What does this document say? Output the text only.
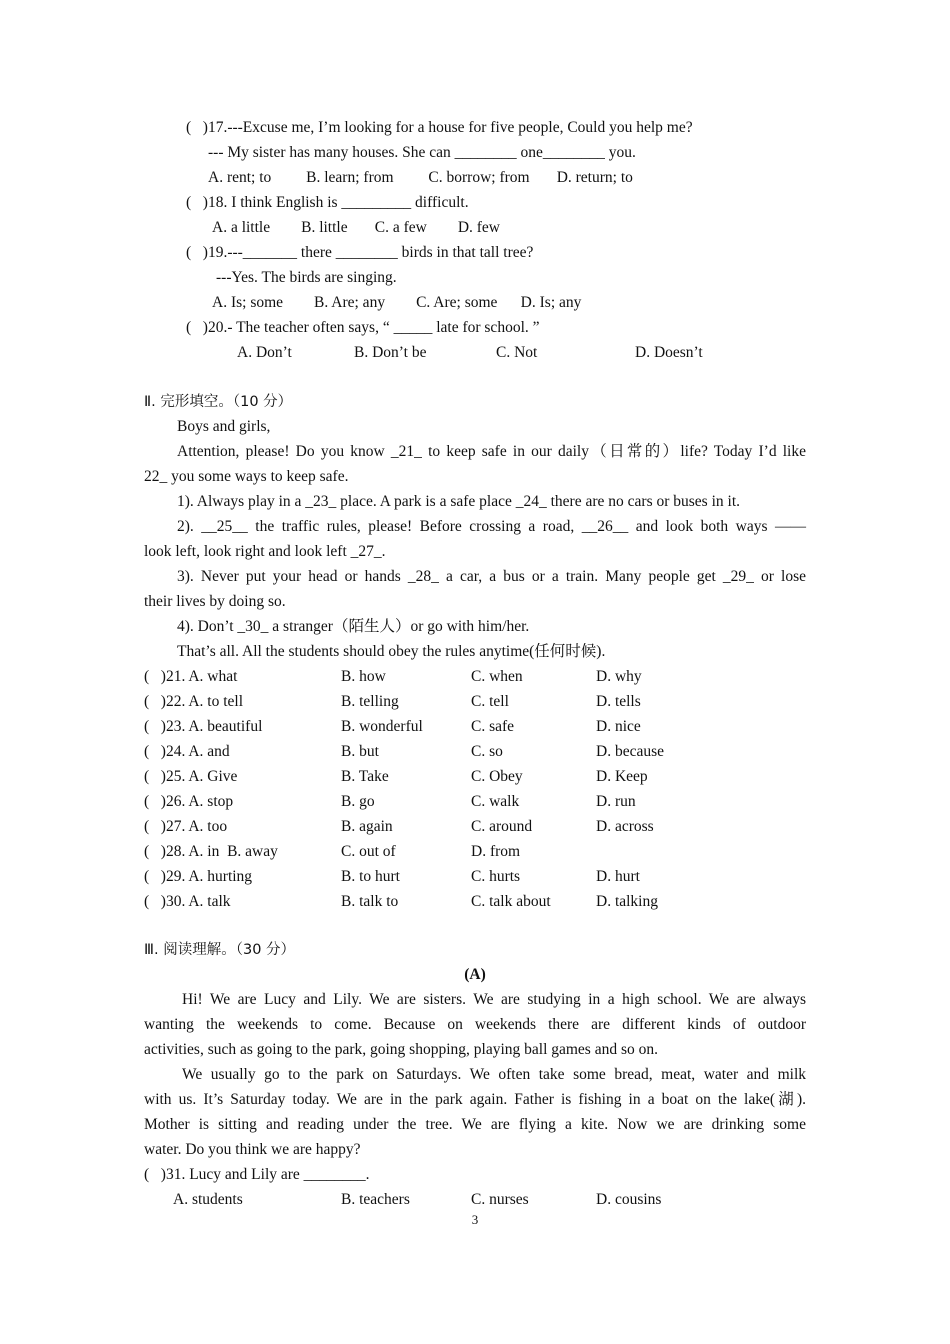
(   )17.---Excuse me, I’m looking for a house for five people, Could you help me?
--- My sister has many houses. She can ________ one________ you.
A. rent; to         B. learn; from         C. borrow; from       D. return; to
(   )18. I think English is _________ difficult.
A. a little        B. little       C. a few        D. few
(   )19.---_______ there ________ birds in that tall tree?
---Yes. The birds are singing.
A. Is; some        B. Are; any        C. Are; some      D. Is; any
(   )20.- The teacher often says, “ _____ late for school. ”
A. Don’t	B. Don’t be	C. Not	D. Doesn’t
Ⅱ. 完形填空。（10 分）
Boys and girls,
Attention, please! Do you know _21_ to keep safe in our daily（日常的）life? Today I’d like
22_ you some ways to keep safe.
1). Always play in a _23_ place. A park is a safe place _24_ there are no cars or buses in it.
2). __25__ the traffic rules, please! Before crossing a road, __26__ and look both ways ——
look left, look right and look left _27_.
3). Never put your head or hands _28_ a car, a bus or a train. Many people get _29_ or lose
their lives by doing so.
4). Don’t _30_ a stranger（陌生人）or go with him/her.
That’s all. All the students should obey the rules anytime(任何时候).
(   )21. A. what	B. how	C. when	D. why
(   )22. A. to tell	B. telling	C. tell	D. tells
(   )23. A. beautiful	B. wonderful	C. safe	D. nice
(   )24. A. and	B. but	C. so	D. because
(   )25. A. Give	B. Take	C. Obey	D. Keep
(   )26. A. stop	B. go	C. walk	D. run
(   )27. A. too	B. again	C. around	D. across
(   )28. A. in  B. away	C. out of	D. from
(   )29. A. hurting	B. to hurt	C. hurts	D. hurt
(   )30. A. talk	B. talk to	C. talk about	D. talking
Ⅲ. 阅读理解。（30 分）
(A)
Hi! We are Lucy and Lily. We are sisters. We are studying in a high school. We are always
wanting the weekends to come. Because on weekends there are different kinds of outdoor
activities, such as going to the park, going shopping, playing ball games and so on.
We usually go to the park on Saturdays. We often take some bread, meat, water and milk
with us. It’s Saturday today. We are in the park again. Father is fishing in a boat on the lake(湖).
Mother is sitting and reading under the tree. We are flying a kite. Now we are drinking some
water. Do you think we are happy?
(   )31. Lucy and Lily are ________.
A. students	B. teachers	C. nurses	D. cousins
3
